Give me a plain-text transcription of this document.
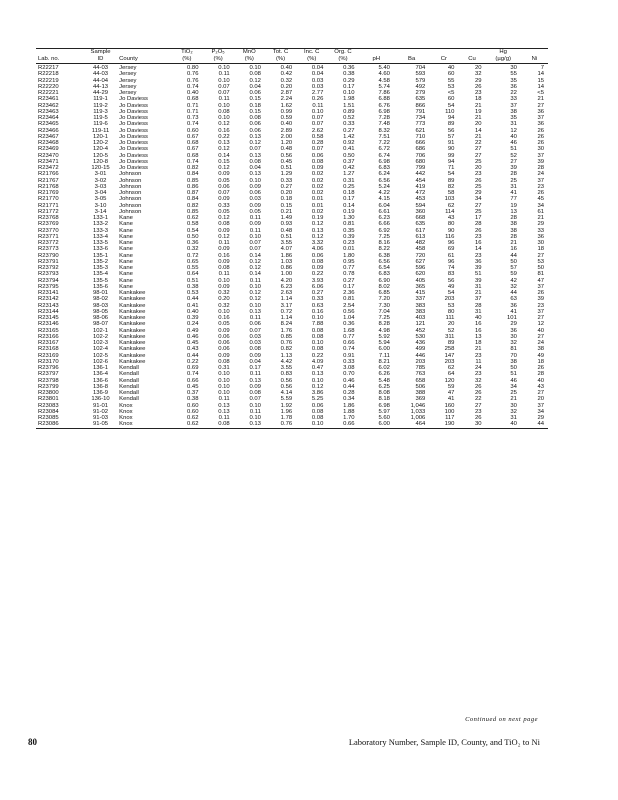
	Sample		TiO₂	P₂O₅	MnO	Tot. C	Inc. C	Org. C					Hg	
Lab. no.	ID	County	(%)	(%)	(%)	(%)	(%)	(%)	pH	Ba	Cr	Cu	(µg/g)	Ni
R22217	44-03	Jersey	0.80	0.10	0.10	0.40	0.04	0.36	5.40	704	40	20	30	7
R22218	44-03	Jersey	0.76	0.11	0.08	0.42	0.04	0.38	4.60	593	60	32	55	14
R22219	44-04	Jersey	0.76	0.10	0.12	0.32	0.03	0.29	4.58	579	55	29	35	15
R22220	44-13	Jersey	0.74	0.07	0.04	0.20	0.03	0.17	5.74	492	53	26	36	14
R22221	44-29	Jersey	0.40	0.07	0.06	2.87	2.77	0.10	7.86	279	<5	23	22	<5
R23461	119-1	Jo Daviess	0.68	0.11	0.15	2.24	0.26	1.98	6.88	635	60	18	33	21
R23462	119-2	Jo Daviess	0.71	0.10	0.18	1.62	0.11	1.51	6.76	866	54	21	37	27
R23463	119-3	Jo Daviess	0.71	0.08	0.15	0.99	0.10	0.89	6.98	791	110	19	38	36
R23464	119-5	Jo Daviess	0.73	0.10	0.08	0.59	0.07	0.52	7.28	734	94	21	35	37
R23465	119-6	Jo Daviess	0.74	0.12	0.06	0.40	0.07	0.33	7.48	773	89	20	31	36
R23466	119-11	Jo Daviess	0.60	0.16	0.06	2.89	2.62	0.27	8.32	621	56	14	12	26
R23467	120-1	Jo Daviess	0.67	0.22	0.13	2.00	0.58	1.42	7.51	710	57	21	40	26
R23468	120-2	Jo Daviess	0.68	0.13	0.12	1.20	0.28	0.92	7.22	666	91	22	46	26
R23469	120-4	Jo Daviess	0.67	0.12	0.07	0.48	0.07	0.41	6.72	686	90	27	51	30
R23470	120-5	Jo Daviess	0.68	0.14	0.13	0.56	0.06	0.50	6.74	706	99	27	52	37
R23471	120-8	Jo Daviess	0.74	0.15	0.08	0.45	0.08	0.37	6.98	680	94	25	27	39
R23472	120-15	Jo Daviess	0.82	0.12	0.04	0.51	0.09	0.42	6.83	799	71	20	39	28
R21766	3-01	Johnson	0.84	0.09	0.13	1.29	0.02	1.27	6.24	442	54	23	28	24
R21767	3-02	Johnson	0.85	0.05	0.10	0.33	0.02	0.31	6.56	454	89	26	25	37
R21768	3-03	Johnson	0.86	0.06	0.09	0.27	0.02	0.25	5.24	419	82	25	31	23
R21769	3-04	Johnson	0.87	0.07	0.06	0.20	0.02	0.18	4.22	472	58	29	41	26
R21770	3-05	Johnson	0.84	0.09	0.03	0.18	0.01	0.17	4.15	453	103	34	77	45
R21771	3-10	Johnson	0.82	0.33	0.09	0.15	0.01	0.14	6.04	594	62	27	19	34
R21772	3-14	Johnson	0.85	0.05	0.05	0.21	0.02	0.19	6.61	360	114	25	13	61
R23768	133-1	Kane	0.62	0.12	0.11	1.49	0.19	1.30	6.23	668	43	17	28	21
R23769	133-2	Kane	0.58	0.08	0.09	0.93	0.12	0.81	6.66	635	80	28	38	29
R23770	133-3	Kane	0.54	0.09	0.11	0.48	0.13	0.35	6.92	617	90	26	38	33
R23771	133-4	Kane	0.50	0.12	0.10	0.51	0.12	0.39	7.25	613	116	23	28	36
R23772	133-5	Kane	0.36	0.11	0.07	3.55	3.32	0.23	8.16	482	96	16	21	30
R23773	133-6	Kane	0.32	0.09	0.07	4.07	4.06	0.01	8.22	458	69	14	16	18
R23790	135-1	Kane	0.72	0.16	0.14	1.86	0.06	1.80	6.38	720	61	23	44	27
R23791	135-2	Kane	0.65	0.09	0.12	1.03	0.08	0.95	6.56	627	96	36	50	53
R23792	135-3	Kane	0.55	0.08	0.12	0.86	0.09	0.77	6.54	596	74	39	57	50
R23793	135-4	Kane	0.64	0.11	0.14	1.00	0.22	0.78	6.83	620	83	51	59	81
R23794	135-5	Kane	0.51	0.10	0.11	4.20	3.93	0.27	6.90	405	56	39	42	47
R23795	135-6	Kane	0.38	0.09	0.10	6.23	6.06	0.17	8.02	365	49	31	32	37
R23141	98-01	Kankakee	0.53	0.32	0.12	2.63	0.27	2.36	6.85	415	54	21	44	26
R23142	98-02	Kankakee	0.44	0.20	0.12	1.14	0.33	0.81	7.20	337	203	37	63	39
R23143	98-03	Kankakee	0.41	0.32	0.10	3.17	0.63	2.54	7.30	383	53	28	36	23
R23144	98-05	Kankakee	0.40	0.10	0.13	0.72	0.16	0.56	7.04	383	80	31	41	37
R23145	98-06	Kankakee	0.39	0.16	0.11	1.14	0.10	1.04	7.25	403	111	40	101	27
R23146	98-07	Kankakee	0.24	0.05	0.06	8.24	7.88	0.36	8.28	121	20	16	29	12
R23165	102-1	Kankakee	0.49	0.09	0.07	1.76	0.08	1.68	4.98	452	52	16	36	40
R23166	102-2	Kankakee	0.46	0.06	0.03	0.85	0.08	0.77	5.92	530	311	13	30	27
R23167	102-3	Kankakee	0.45	0.06	0.03	0.76	0.10	0.66	5.94	436	89	18	32	24
R23168	102-4	Kankakee	0.43	0.06	0.08	0.82	0.08	0.74	6.00	499	258	21	81	38
R23169	102-5	Kankakee	0.44	0.09	0.09	1.13	0.22	0.91	7.11	446	147	23	70	49
R23170	102-6	Kankakee	0.22	0.08	0.04	4.42	4.09	0.33	8.21	203	203	11	38	18
R23796	136-1	Kendall	0.69	0.31	0.17	3.55	0.47	3.08	6.02	785	62	24	50	26
R23797	136-4	Kendall	0.74	0.10	0.11	0.83	0.13	0.70	6.26	763	64	23	51	28
R23798	136-6	Kendall	0.66	0.10	0.13	0.56	0.10	0.46	5.48	658	120	32	46	40
R23799	136-8	Kendall	0.45	0.10	0.09	0.56	0.12	0.44	6.25	506	59	26	34	43
R23800	136-9	Kendall	0.37	0.10	0.08	4.14	3.86	0.28	8.08	388	47	26	25	27
R23801	136-10	Kendall	0.38	0.11	0.07	5.59	5.25	0.34	8.18	369	41	22	21	20
R23083	91-01	Knox	0.60	0.13	0.10	1.92	0.06	1.86	6.98	1,046	160	27	30	37
R23084	91-02	Knox	0.60	0.13	0.11	1.96	0.08	1.88	5.97	1,033	100	23	32	34
R23085	91-03	Knox	0.62	0.11	0.10	1.78	0.08	1.70	5.60	1,006	117	26	31	29
R23086	91-05	Knox	0.62	0.08	0.13	0.76	0.10	0.66	6.00	464	190	30	40	44
Continued on next page
80	Laboratory Number, Sample ID, County, and TiO₂ to Ni
